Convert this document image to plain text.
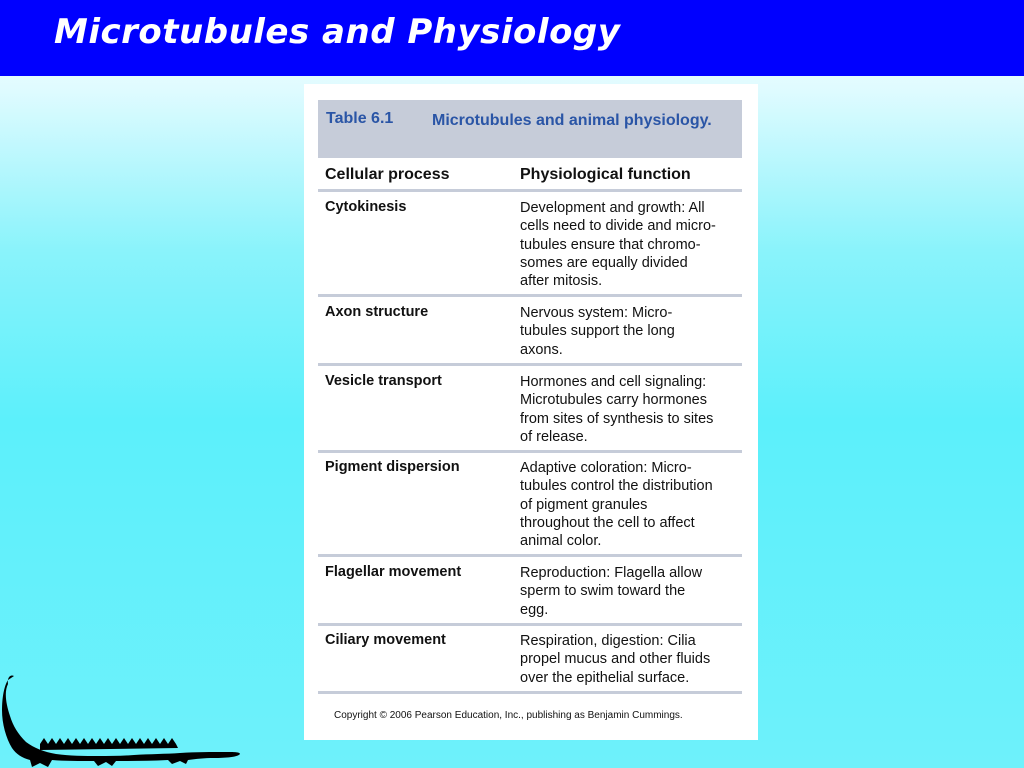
Microtubules and Physiology
Table 6.1 Microtubules and animal physiology.
Cellular process	Physiological function
Cytokinesis	Development and growth: All
cells need to divide and micro-
tubules ensure that chromo-
somes are equally divided
after mitosis.
Axon structure	Nervous system: Micro-
tubules support the long
axons.
Vesicle transport	Hormones and cell signaling:
Microtubules carry hormones
from sites of synthesis to sites
of release.
Pigment dispersion	Adaptive coloration: Micro-
tubules control the distribution
of pigment granules
throughout the cell to affect
animal color.
Flagellar movement	Reproduction: Flagella allow
sperm to swim toward the
egg.
Ciliary movement	Respiration, digestion: Cilia
propel mucus and other fluids
over the epithelial surface.
Copyright © 2006 Pearson Education, Inc., publishing as Benjamin Cummings.
